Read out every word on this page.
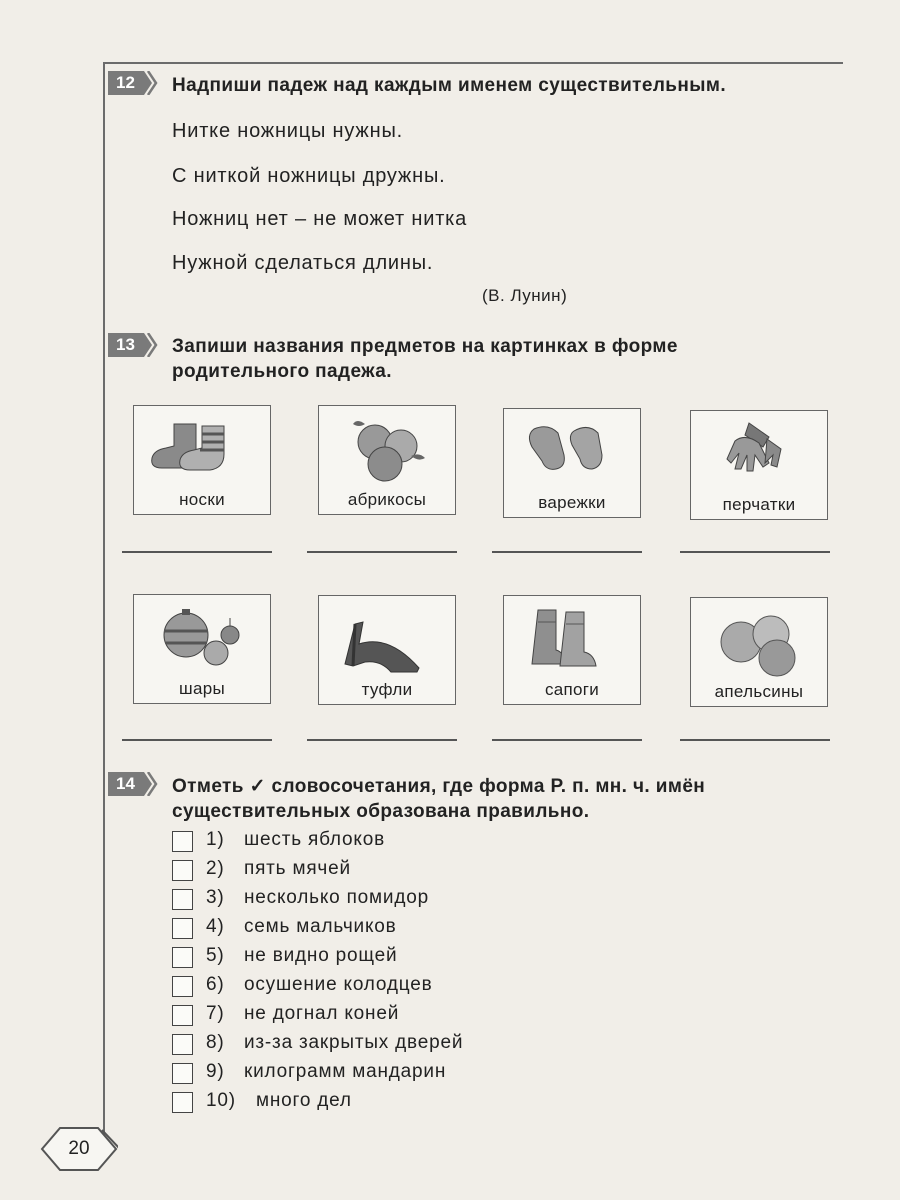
12 Надпиши падеж над каждым именем существительным.
Нитке ножницы нужны.
С ниткой ножницы дружны.
Ножниц нет – не может нитка
Нужной сделаться длины.
(В. Лунин)
13 Запиши названия предметов на картинках в форме
родительного падежа.
носки	абрикосы	варежки	перчатки
шары	туфли	сапоги	апельсины
14 Отметь ✓ словосочетания, где форма Р. п. мн. ч. имён
существительных образована правильно.
1) шесть яблоков
2) пять мячей
3) несколько помидор
4) семь мальчиков
5) не видно рощей
6) осушение колодцев
7) не догнал коней
8) из-за закрытых дверей
9) килограмм мандарин
10) много дел
20
